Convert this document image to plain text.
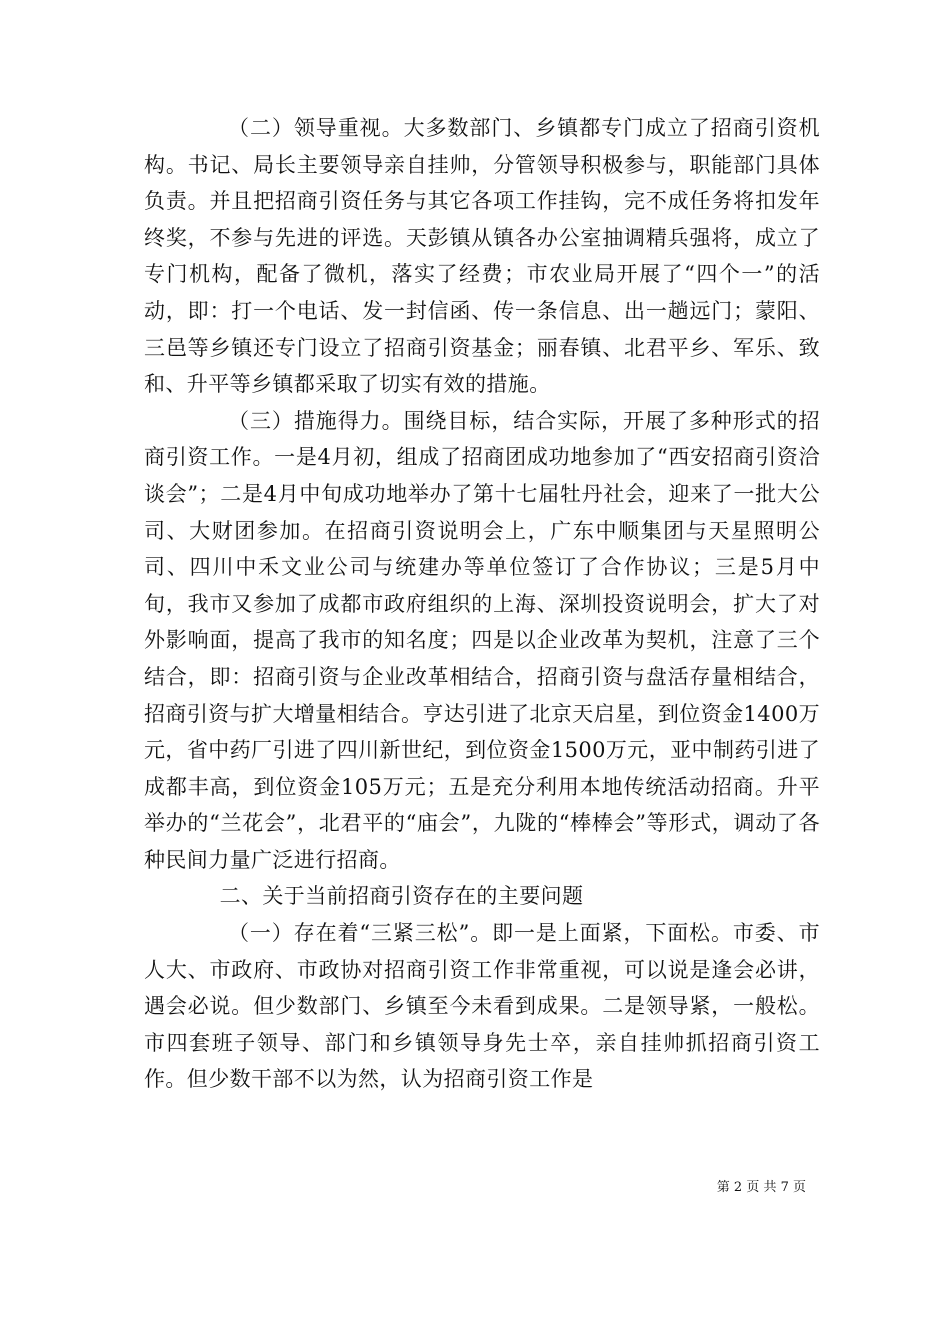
（二）领导重视。大多数部门、乡镇都专门成立了招商引资机构。书记、局长主要领导亲自挂帅，分管领导积极参与，职能部门具体负责。并且把招商引资任务与其它各项工作挂钩，完不成任务将扣发年终奖，不参与先进的评选。天彭镇从镇各办公室抽调精兵强将，成立了专门机构，配备了微机，落实了经费；市农业局开展了“四个一”的活动，即：打一个电话、发一封信函、传一条信息、出一趟远门；蒙阳、三邑等乡镇还专门设立了招商引资基金；丽春镇、北君平乡、军乐、致和、升平等乡镇都采取了切实有效的措施。

（三）措施得力。围绕目标，结合实际，开展了多种形式的招商引资工作。一是4月初，组成了招商团成功地参加了“西安招商引资洽谈会”；二是4月中旬成功地举办了第十七届牡丹社会，迎来了一批大公司、大财团参加。在招商引资说明会上，广东中顺集团与天星照明公司、四川中禾文业公司与统建办等单位签订了合作协议；三是5月中旬，我市又参加了成都市政府组织的上海、深圳投资说明会，扩大了对外影响面，提高了我市的知名度；四是以企业改革为契机，注意了三个结合，即：招商引资与企业改革相结合，招商引资与盘活存量相结合，招商引资与扩大增量相结合。亨达引进了北京天启星，到位资金1400万元，省中药厂引进了四川新世纪，到位资金1500万元，亚中制药引进了成都丰高，到位资金105万元；五是充分利用本地传统活动招商。升平举办的“兰花会”，北君平的“庙会”，九陇的“棒棒会”等形式，调动了各种民间力量广泛进行招商。

二、关于当前招商引资存在的主要问题

（一）存在着“三紧三松”。即一是上面紧，下面松。市委、市人大、市政府、市政协对招商引资工作非常重视，可以说是逢会必讲，遇会必说。但少数部门、乡镇至今未看到成果。二是领导紧，一般松。市四套班子领导、部门和乡镇领导身先士卒，亲自挂帅抓招商引资工作。但少数干部不以为然，认为招商引资工作是

第 2 页 共 7 页
